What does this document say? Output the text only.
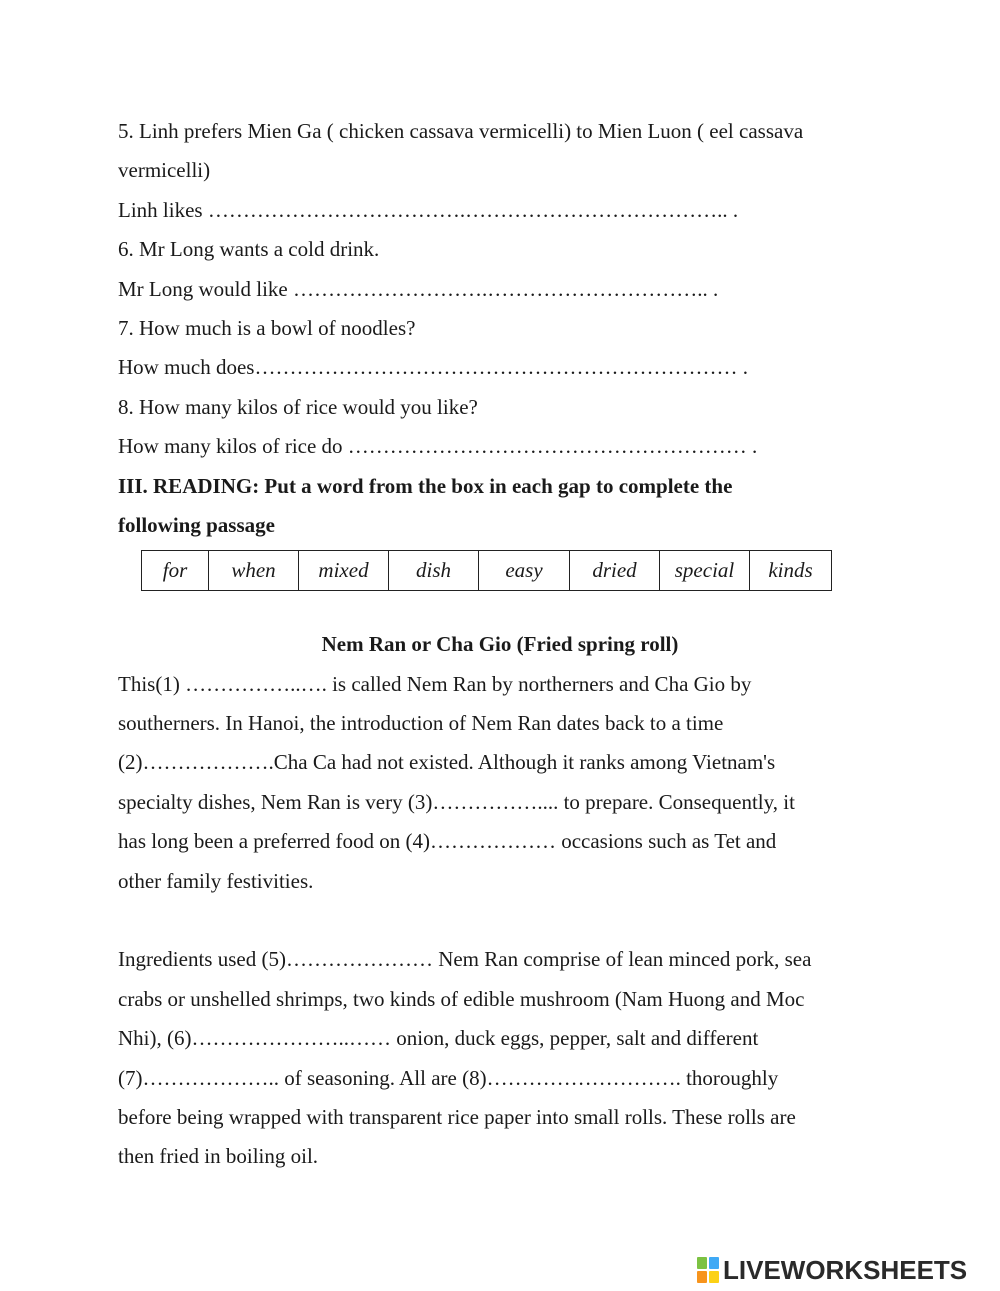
5. Linh prefers Mien Ga ( chicken cassava vermicelli) to Mien Luon ( eel cassava
vermicelli)
Linh likes ……………………………….……………………………….. .
6. Mr Long wants a cold drink.
Mr Long would like ……………………….………………………….. .
7. How much is a bowl of noodles?
How much does…………………………………………………………… .
8. How many kilos of rice would you like?
How many kilos of rice do ………………………………………………… .
III. READING: Put a word from the box in each gap to complete the
following passage
for	when	mixed	dish	easy	dried	special	kinds
Nem Ran or Cha Gio (Fried spring roll)
This(1) ……………..…. is called Nem Ran by northerners and Cha Gio by
southerners. In Hanoi, the introduction of Nem Ran dates back to a time
(2)……………….Cha Ca had not existed. Although it ranks among Vietnam's
specialty dishes, Nem Ran is very (3)…………….... to prepare. Consequently, it
has long been a preferred food on (4)……………… occasions such as Tet and
other family festivities.
Ingredients used (5)………………… Nem Ran comprise of lean minced pork, sea
crabs or unshelled shrimps, two kinds of edible mushroom (Nam Huong and Moc
Nhi), (6)…………………..…… onion, duck eggs, pepper, salt and different
(7)……………….. of seasoning. All are (8)………………………. thoroughly
before being wrapped with transparent rice paper into small rolls. These rolls are
then fried in boiling oil.
LIVEWORKSHEETS
